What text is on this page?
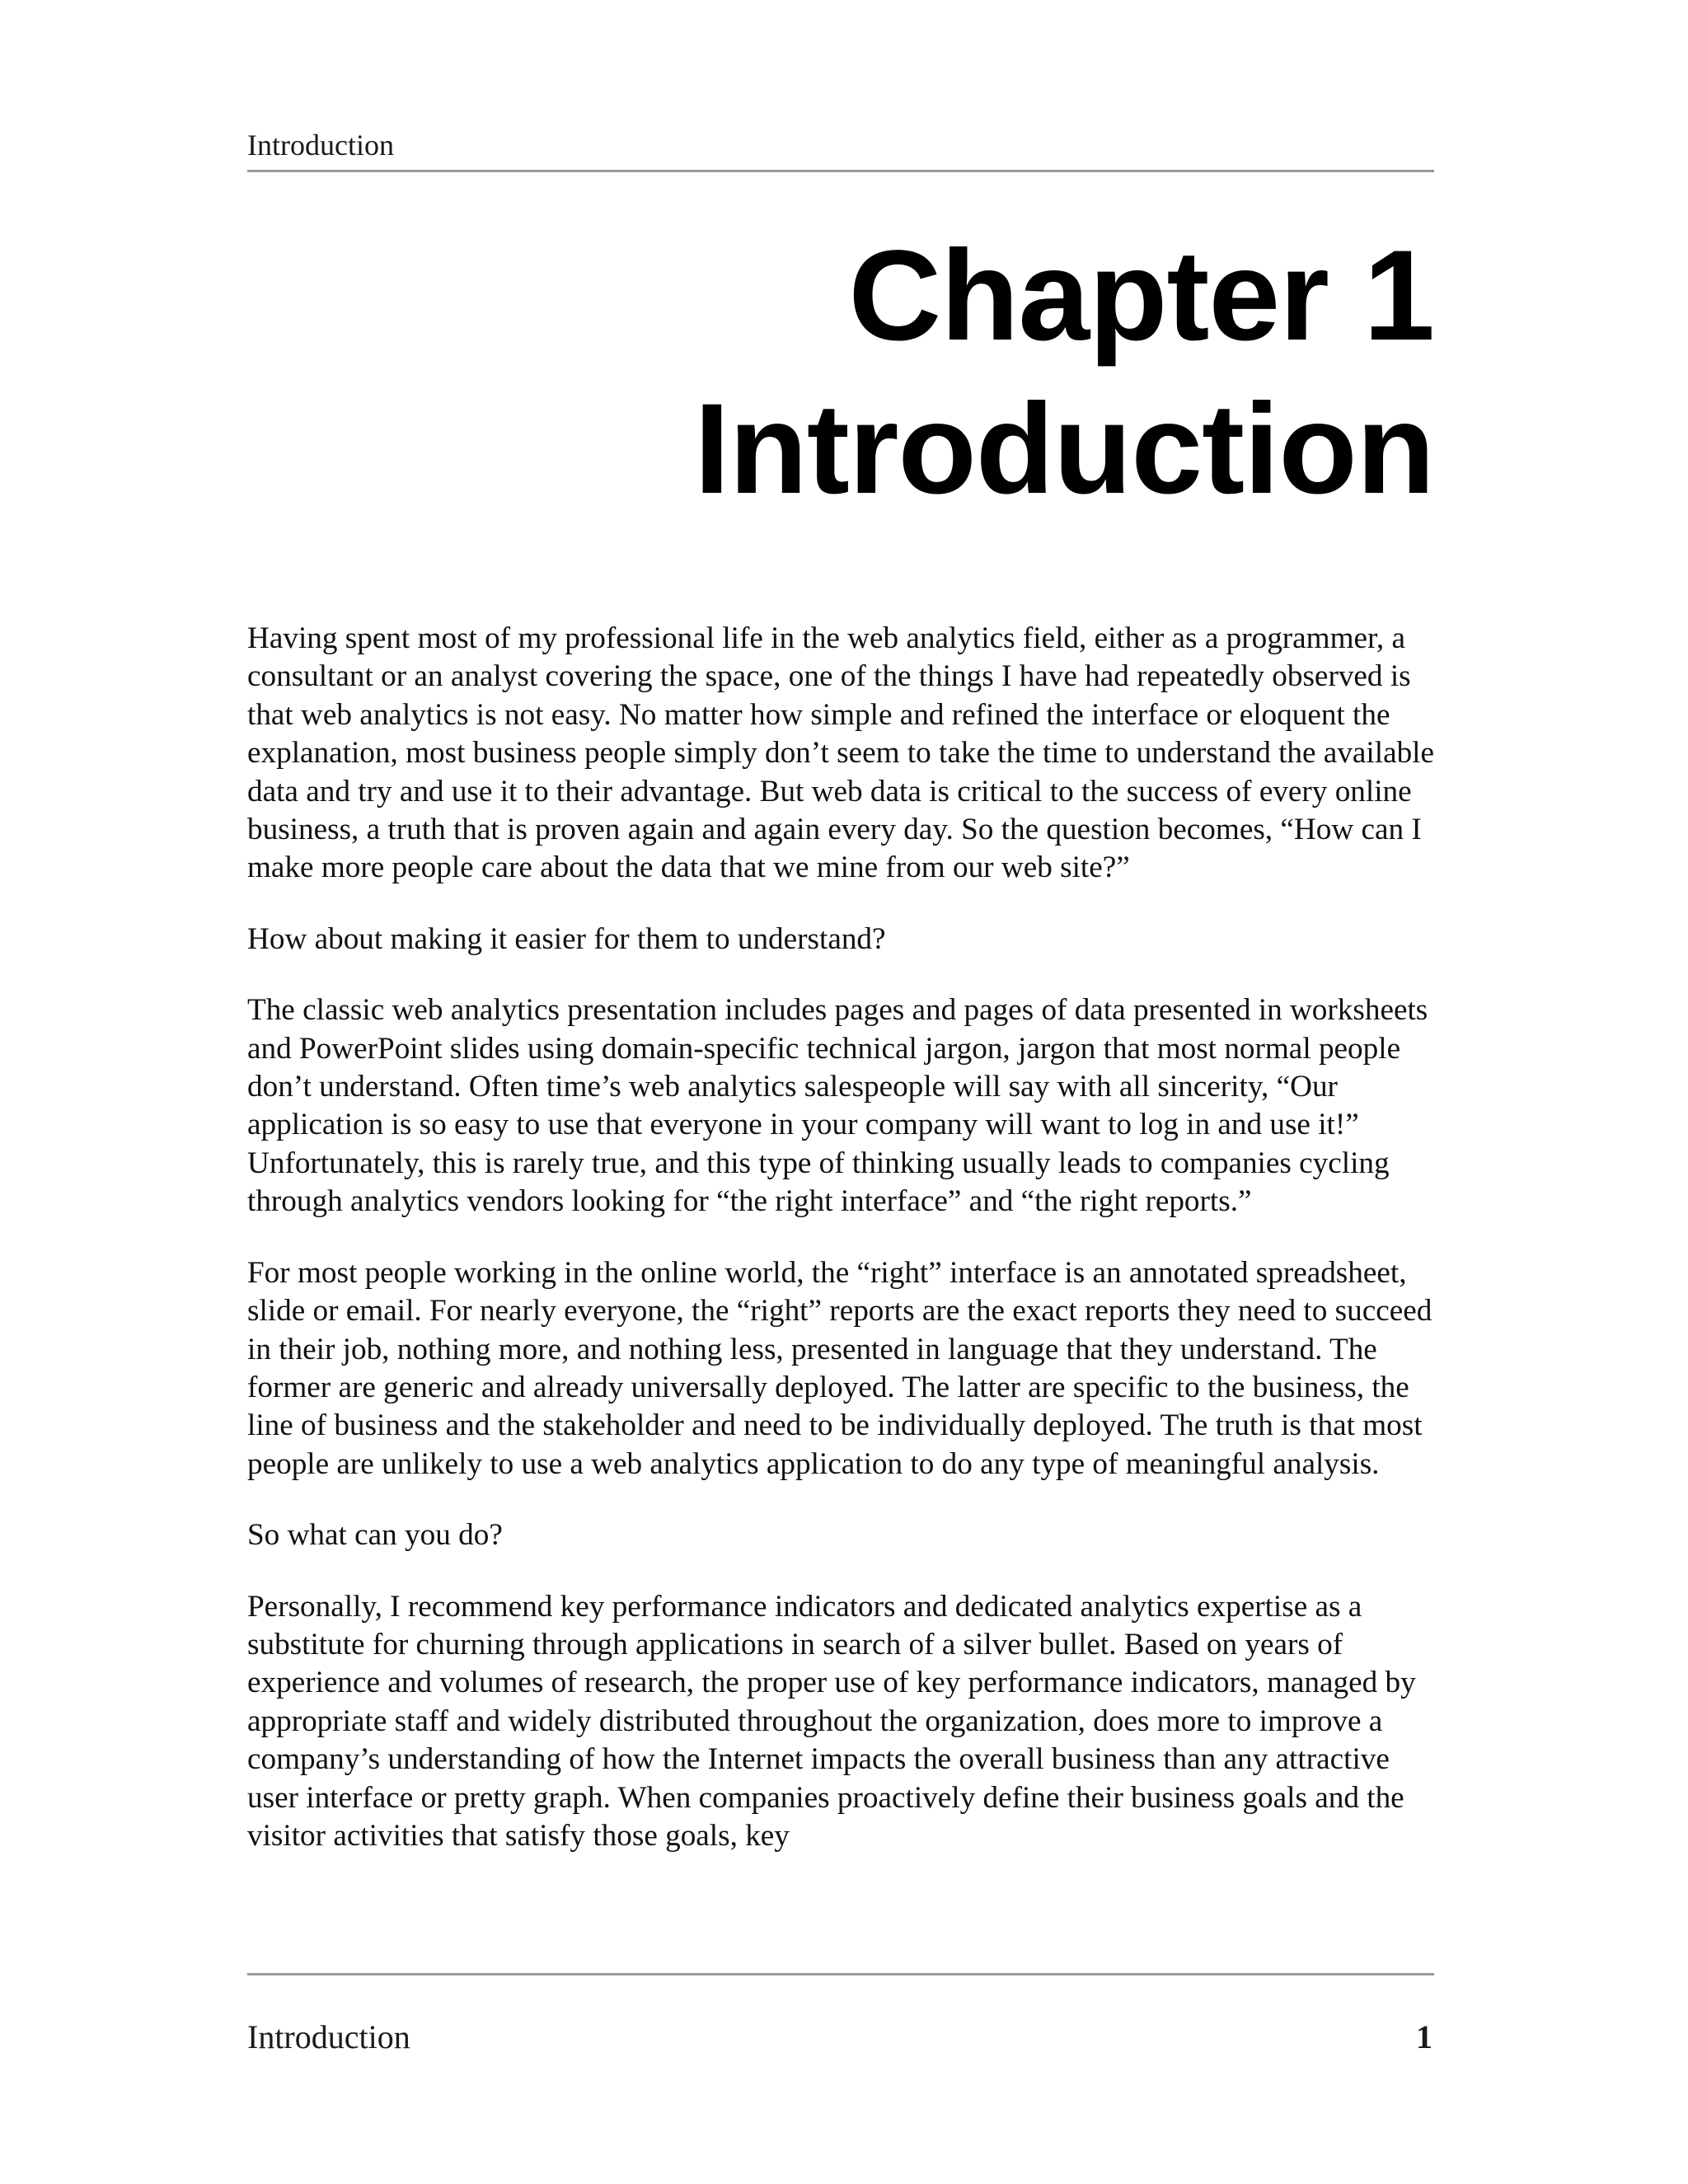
Introduction
Chapter 1
Introduction

Having spent most of my professional life in the web analytics field, either as a programmer, a consultant or an analyst covering the space, one of the things I have had repeatedly observed is that web analytics is not easy. No matter how simple and refined the interface or eloquent the explanation, most business people simply don’t seem to take the time to understand the available data and try and use it to their advantage. But web data is critical to the success of every online business, a truth that is proven again and again every day. So the question becomes, “How can I make more people care about the data that we mine from our web site?”

How about making it easier for them to understand?

The classic web analytics presentation includes pages and pages of data presented in worksheets and PowerPoint slides using domain-specific technical jargon, jargon that most normal people don’t understand. Often time’s web analytics salespeople will say with all sincerity, “Our application is so easy to use that everyone in your company will want to log in and use it!” Unfortunately, this is rarely true, and this type of thinking usually leads to companies cycling through analytics vendors looking for “the right interface” and “the right reports.”

For most people working in the online world, the “right” interface is an annotated spreadsheet, slide or email. For nearly everyone, the “right” reports are the exact reports they need to succeed in their job, nothing more, and nothing less, presented in language that they understand. The former are generic and already universally deployed. The latter are specific to the business, the line of business and the stakeholder and need to be individually deployed. The truth is that most people are unlikely to use a web analytics application to do any type of meaningful analysis.

So what can you do?

Personally, I recommend key performance indicators and dedicated analytics expertise as a substitute for churning through applications in search of a silver bullet. Based on years of experience and volumes of research, the proper use of key performance indicators, managed by appropriate staff and widely distributed throughout the organization, does more to improve a company’s understanding of how the Internet impacts the overall business than any attractive user interface or pretty graph. When companies proactively define their business goals and the visitor activities that satisfy those goals, key

Introduction	1
